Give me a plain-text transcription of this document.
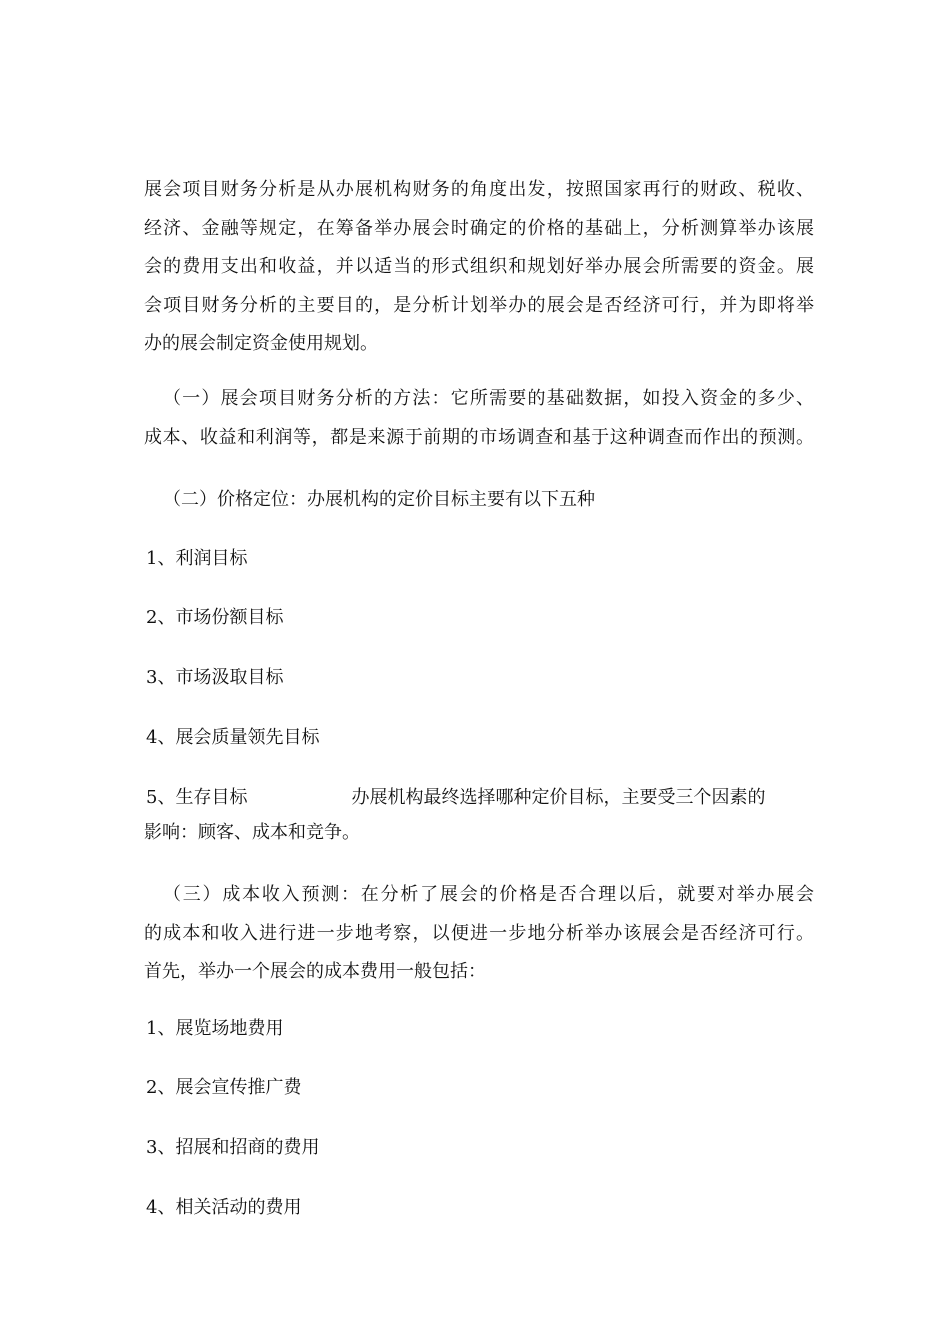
展会项目财务分析是从办展机构财务的角度出发，按照国家再行的财政、税收、
经济、金融等规定，在筹备举办展会时确定的价格的基础上，分析测算举办该展
会的费用支出和收益，并以适当的形式组织和规划好举办展会所需要的资金。展
会项目财务分析的主要目的，是分析计划举办的展会是否经济可行，并为即将举
办的展会制定资金使用规划。
（一）展会项目财务分析的方法：它所需要的基础数据，如投入资金的多少、
成本、收益和利润等，都是来源于前期的市场调查和基于这种调查而作出的预测。
（二）价格定位：办展机构的定价目标主要有以下五种
1、利润目标
2、市场份额目标
3、市场汲取目标
4、展会质量领先目标
5、生存目标	办展机构最终选择哪种定价目标，主要受三个因素的
影响：顾客、成本和竞争。
（三）成本收入预测：在分析了展会的价格是否合理以后，就要对举办展会
的成本和收入进行进一步地考察，以便进一步地分析举办该展会是否经济可行。
首先，举办一个展会的成本费用一般包括：
1、展览场地费用
2、展会宣传推广费
3、招展和招商的费用
4、相关活动的费用
